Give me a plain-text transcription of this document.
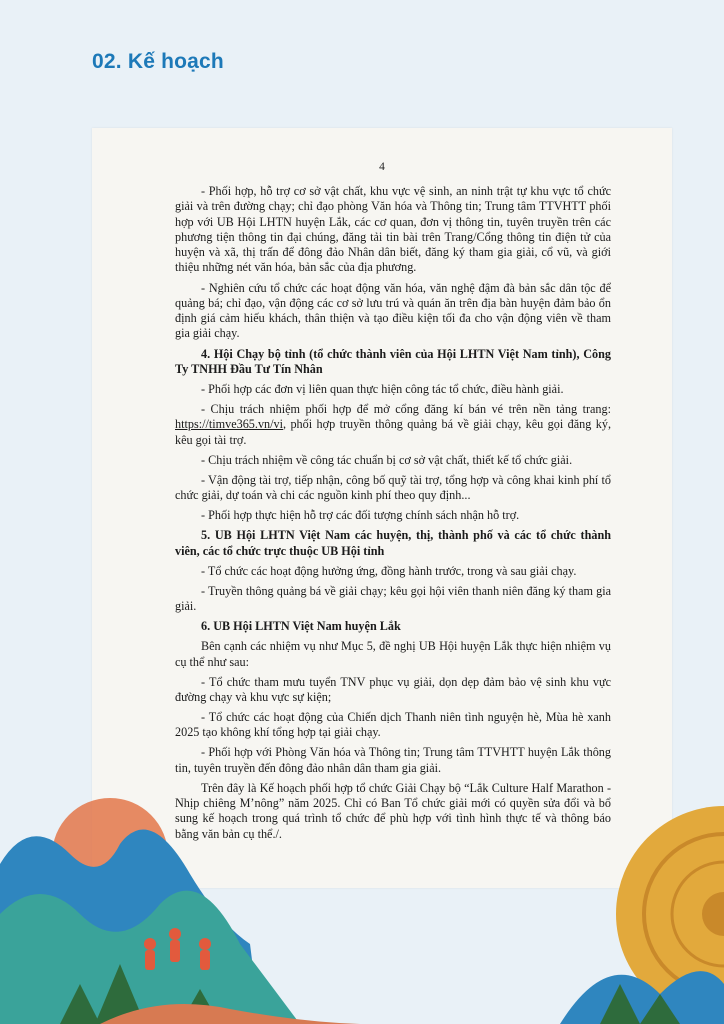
02. Kế hoạch
4

- Phối hợp, hỗ trợ cơ sở vật chất, khu vực vệ sinh, an ninh trật tự khu vực tổ chức giải và trên đường chạy; chỉ đạo phòng Văn hóa và Thông tin; Trung tâm TTVHTT phối hợp với UB Hội LHTN huyện Lắk, các cơ quan, đơn vị thông tin, tuyên truyền trên các phương tiện thông tin đại chúng, đăng tải tin bài trên Trang/Cổng thông tin điện tử của huyện và xã, thị trấn để đông đảo Nhân dân biết, đăng ký tham gia giải, cổ vũ, và giới thiệu những nét văn hóa, bản sắc của địa phương.

- Nghiên cứu tổ chức các hoạt động văn hóa, văn nghệ đậm đà bản sắc dân tộc để quảng bá; chỉ đạo, vận động các cơ sở lưu trú và quán ăn trên địa bàn huyện đảm bảo ổn định giá cảm hiếu khách, thân thiện và tạo điều kiện tối đa cho vận động viên về tham gia giải chạy.

4. Hội Chạy bộ tỉnh (tổ chức thành viên của Hội LHTN Việt Nam tỉnh), Công Ty TNHH Đầu Tư Tín Nhân

- Phối hợp các đơn vị liên quan thực hiện công tác tổ chức, điều hành giải.

- Chịu trách nhiệm phối hợp để mở cổng đăng kí bán vé trên nền tảng trang: https://timve365.vn/vi, phối hợp truyền thông quảng bá về giải chạy, kêu gọi đăng ký, kêu gọi tài trợ.

- Chịu trách nhiệm về công tác chuẩn bị cơ sở vật chất, thiết kế tổ chức giải.

- Vận động tài trợ, tiếp nhận, công bố quỹ tài trợ, tổng hợp và công khai kinh phí tổ chức giải, dự toán và chi các nguồn kinh phí theo quy định...

- Phối hợp thực hiện hỗ trợ các đối tượng chính sách nhận hỗ trợ.

5. UB Hội LHTN Việt Nam các huyện, thị, thành phố và các tổ chức thành viên, các tổ chức trực thuộc UB Hội tỉnh

- Tổ chức các hoạt động hưởng ứng, đồng hành trước, trong và sau giải chạy.

- Truyền thông quảng bá về giải chạy; kêu gọi hội viên thanh niên đăng ký tham gia giải.

6. UB Hội LHTN Việt Nam huyện Lắk

Bên cạnh các nhiệm vụ như Mục 5, đề nghị UB Hội huyện Lắk thực hiện nhiệm vụ cụ thể như sau:

- Tổ chức tham mưu tuyển TNV phục vụ giải, dọn dẹp đảm bảo vệ sinh khu vực đường chạy và khu vực sự kiện;

- Tổ chức các hoạt động của Chiến dịch Thanh niên tình nguyện hè, Mùa hè xanh 2025 tạo không khí tổng hợp tại giải chạy.

- Phối hợp với Phòng Văn hóa và Thông tin; Trung tâm TTVHTT huyện Lắk thông tin, tuyên truyền đến đông đảo nhân dân tham gia giải.

Trên đây là Kế hoạch phối hợp tổ chức Giải Chạy bộ “Lắk Culture Half Marathon - Nhịp chiêng M’nông” năm 2025. Chỉ có Ban Tổ chức giải mới có quyền sửa đổi và bổ sung kế hoạch trong quá trình tổ chức để phù hợp với tình hình thực tế và thông báo bằng văn bản cụ thể./.
